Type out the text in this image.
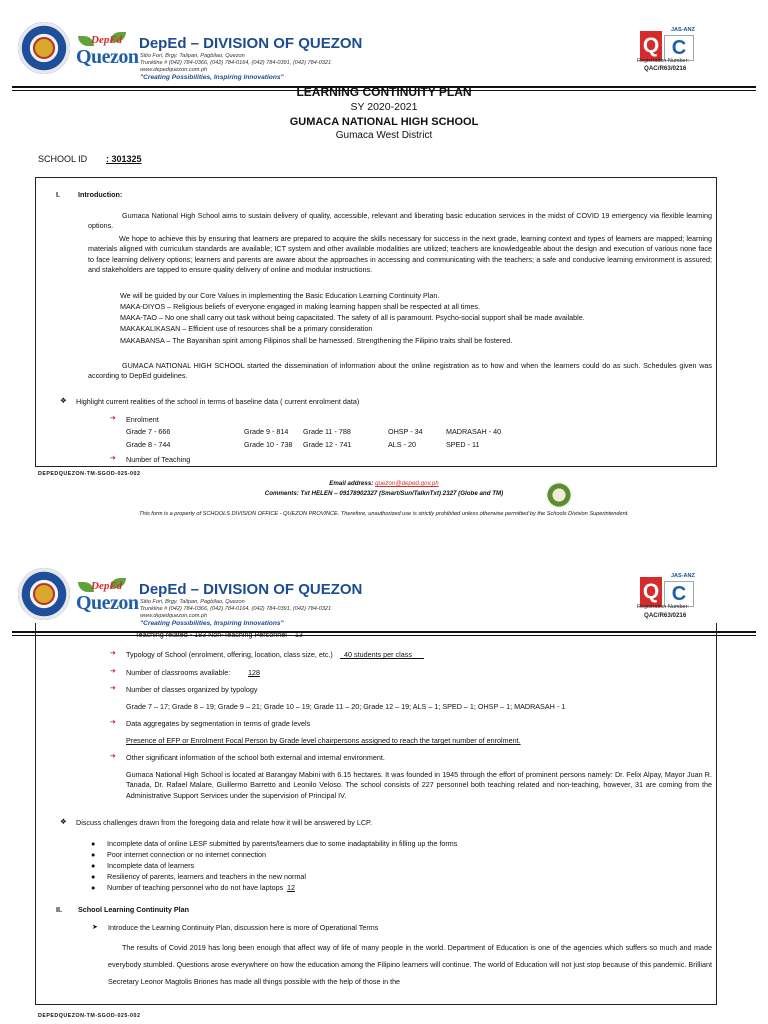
DepEd
Quezon
DepEd – DIVISION OF QUEZON
Sitio Fori, Brgy. Talipan, Pagbilao, Quezon
Trunkline # (042) 784-0366, (042) 784-0164, (042) 784-0391, (042) 784-0321
www.depedquezon.com.ph
"Creating Possibilities, Inspiring Innovations"
Q
JAS-ANZ
C
Registration Number:
QAC/R63/0216
LEARNING CONTINUITY PLAN
SY 2020-2021
GUMACA NATIONAL HIGH SCHOOL
Gumaca West District
SCHOOL ID : 301325
I.	Introduction:
Gumaca National High School aims to sustain delivery of quality, accessible, relevant and liberating basic education services in the midst of COVID 19 emergency via flexible learning options.
We hope to achieve this by ensuring that learners are prepared to acquire the skills necessary for success in the next grade, learning context and types of learners are mapped; learning materials aligned with curriculum standards are available; ICT system and other available modalities are utilized; teachers are knowledgeable about the design and execution of various none face to face learning delivery options; learners and parents are aware about the approaches in accessing and communicating with the teachers; a safe and conducive learning environment is assured; and stakeholders are tapped to ensure quality delivery of online and modular instructions.
We will be guided by our Core Values in implementing the Basic Education Learning Continuity Plan.
MAKA-DIYOS – Religious beliefs of everyone engaged in making learning happen shall be respected at all times.
MAKA-TAO – No one shall carry out task without being capacitated. The safety of all is paramount. Psycho-social support shall be made available.
MAKAKALIKASAN – Efficient use of resources shall be a primary consideration
MAKABANSA – The Bayanihan spirit among Filipinos shall be harnessed. Strengthening the Filipino traits shall be fostered.
GUMACA NATIONAL HIGH SCHOOL started the dissemination of information about the online registration as to how and when the learners could do as such. Schedules given was according to DepEd guidelines.
❖ Highlight current realities of the school in terms of baseline data ( current enrolment data)
➜ Enrolment
Grade 7 - 666	Grade 9 - 814 Grade 11 - 788	OHSP - 34	MADRASAH - 40
Grade 8 - 744	Grade 10 - 738 Grade 12 - 741	ALS - 20	SPED - 11
➜ Number of Teaching
DEPEDQUEZON-TM-SGOD-025-002
Email address: quezon@deped.gov.ph
Comments: Txt HELEN – 09178902327 (Smart/Sun/TalknTxt) 2327 (Globe and TM)
This form is a property of SCHOOLS DIVISION OFFICE - QUEZON PROVINCE. Therefore, unauthorized use is strictly prohibited unless otherwise permitted by the Schools Division Superintendent.
DepEd
Quezon
DepEd – DIVISION OF QUEZON
Sitio Fori, Brgy. Talipan, Pagbilao, Quezon
Trunkline # (042) 784-0366, (042) 784-0164, (042) 784-0391, (042) 784-0321
www.depedquezon.com.ph
"Creating Possibilities, Inspiring Innovations"
Q
JAS-ANZ
C
Registration Number:
QAC/R63/0216
Teaching related - 183 Non-Teaching Personnel – 13
➜ Typology of School (enrolment, offering, location, class size, etc.) _40 students per class___
➜ Number of classrooms available: 128
➜ Number of classes organized by typology
Grade 7 – 17; Grade 8 – 19; Grade 9 – 21; Grade 10 – 19; Grade 11 – 20; Grade 12 – 19; ALS – 1; SPED – 1; OHSP – 1; MADRASAH - 1
➜ Data aggregates by segmentation in terms of grade levels
Presence of EFP or Enrolment Focal Person by Grade level chairpersons assigned to reach the target number of enrolment.
➜ Other significant information of the school both external and internal environment.
Gumaca National High School is located at Barangay Mabini with 6.15 hectares. It was founded in 1945 through the effort of prominent persons namely: Dr. Felix Alpay, Mayor Juan R. Tanada, Dr. Rafael Malare, Guillermo Barretto and Leonilo Veloso. The school consists of 227 personnel both teaching related and non-teaching, however, 31 are coming from the Administrative Support Services under the supervision of Principal IV.
❖ Discuss challenges drawn from the foregoing data and relate how it will be answered by LCP.
● Incomplete data of online LESF submitted by parents/learners due to some inadaptability in filling up the forms
● Poor internet connection or no internet connection
● Incomplete data of learners
● Resiliency of parents, learners and teachers in the new normal
● Number of teaching personnel who do not have laptops 12
II. School Learning Continuity Plan
➤ Introduce the Learning Continuity Plan, discussion here is more of Operational Terms
The results of Covid 2019 has long been enough that affect way of life of many people in the world. Department of Education is one of the agencies which suffers so much and made everybody stumbled. Questions arose everywhere on how the education among the Filipino learners will continue. The world of Education will not just stop because of this pandemic. Brilliant Secretary Leonor Magtolis Briones has made all things possible with the help of those in the
DEPEDQUEZON-TM-SGOD-025-002
